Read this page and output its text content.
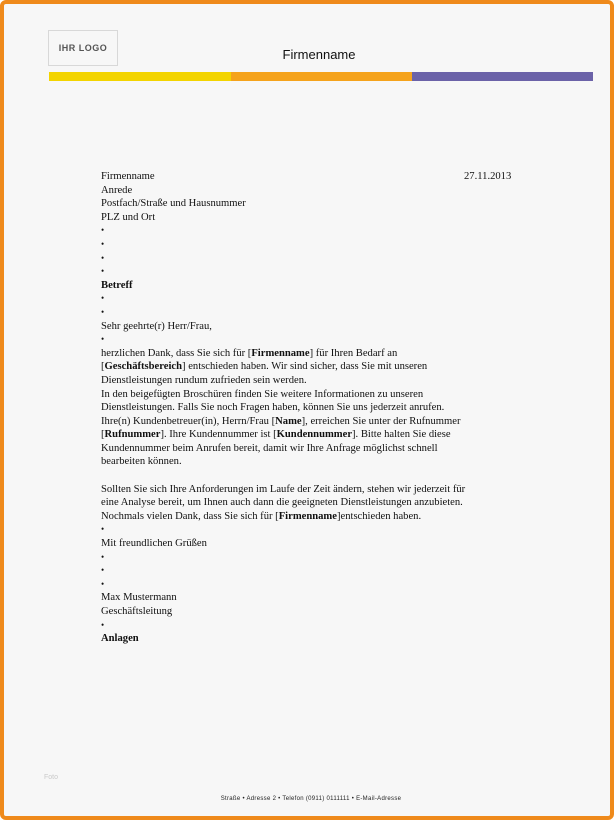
IHR LOGO	Firmenname
27.11.2013
Firmenname
Anrede
Postfach/Straße und Hausnummer
PLZ und Ort
•
•
•
•
Betreff
•
•
Sehr geehrte(r) Herr/Frau,
•

herzlichen Dank, dass Sie sich für [Firmenname] für Ihren Bedarf an

[Geschäftsbereich] entschieden haben. Wir sind sicher, dass Sie mit unseren

Dienstleistungen rundum zufrieden sein werden.

In den beigefügten Broschüren finden Sie weitere Informationen zu unseren

Dienstleistungen. Falls Sie noch Fragen haben, können Sie uns jederzeit anrufen.

Ihre(n) Kundenbetreuer(in), Herrn/Frau [Name], erreichen Sie unter der Rufnummer

[Rufnummer]. Ihre Kundennummer ist [Kundennummer]. Bitte halten Sie diese

Kundennummer beim Anrufen bereit, damit wir Ihre Anfrage möglichst schnell

bearbeiten können.

Sollten Sie sich Ihre Anforderungen im Laufe der Zeit ändern, stehen wir jederzeit für

eine Analyse bereit, um Ihnen auch dann die geeigneten Dienstleistungen anzubieten.

Nochmals vielen Dank, dass Sie sich für [Firmenname]entschieden haben.

•
Mit freundlichen Grüßen
•
•
•
Max Mustermann
Geschäftsleitung
•
Anlagen
Foto
Straße • Adresse 2 • Telefon (0911) 0111111 • E-Mail-Adresse
